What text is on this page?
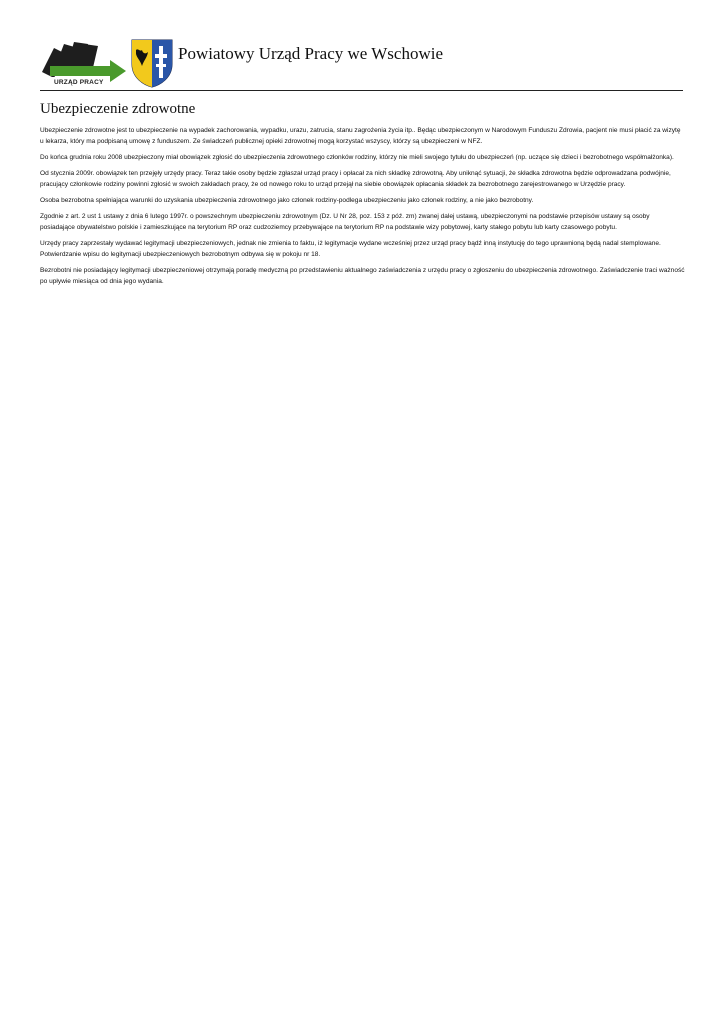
URZĄD PRACY
Powiatowy Urząd Pracy we Wschowie
Ubezpieczenie zdrowotne

Ubezpieczenie zdrowotne jest to ubezpieczenie na wypadek zachorowania, wypadku, urazu, zatrucia, stanu zagrożenia życia itp.. Będąc ubezpieczonym w Narodowym Funduszu Zdrowia, pacjent nie musi płacić za wizytę u lekarza, który ma podpisaną umowę z funduszem. Ze świadczeń publicznej opieki zdrowotnej mogą korzystać wszyscy, którzy są ubezpieczeni w NFZ.

Do końca grudnia roku 2008 ubezpieczony miał obowiązek zgłosić do ubezpieczenia zdrowotnego członków rodziny, którzy nie mieli swojego tytułu do ubezpieczeń (np. uczące się dzieci i bezrobotnego współmałżonka).

Od stycznia 2009r. obowiązek ten przejęły urzędy pracy. Teraz takie osoby będzie zgłaszał urząd pracy i opłacał za nich składkę zdrowotną. Aby uniknąć sytuacji, że składka zdrowotna będzie odprowadzana podwójnie, pracujący członkowie rodziny powinni zgłosić w swoich zakładach pracy, że od nowego roku to urząd przejął na siebie obowiązek opłacania składek za bezrobotnego zarejestrowanego w Urzędzie pracy.

Osoba bezrobotna spełniająca warunki do uzyskania ubezpieczenia zdrowotnego jako członek rodziny-podlega ubezpieczeniu jako członek rodziny, a nie jako bezrobotny.

Zgodnie z art. 2 ust 1 ustawy z dnia 6 lutego 1997r. o powszechnym ubezpieczeniu zdrowotnym (Dz. U Nr 28, poz. 153 z póź. zm) zwanej dalej ustawą, ubezpieczonymi na podstawie przepisów ustawy są osoby posiadające obywatelstwo polskie i zamieszkujące na terytorium RP oraz cudzoziemcy przebywające na terytorium RP na podstawie wizy pobytowej, karty stałego pobytu lub karty czasowego pobytu.

Urzędy pracy zaprzestały wydawać legitymacji ubezpieczeniowych, jednak nie zmienia to faktu, iż legitymacje wydane wcześniej przez urząd pracy bądź inną instytucję do tego uprawnioną będą nadal stemplowane. Potwierdzanie wpisu do legitymacji ubezpieczeniowych bezrobotnym odbywa się w pokoju nr 18.

Bezrobotni nie posiadający legitymacji ubezpieczeniowej otrzymają poradę medyczną po przedstawieniu aktualnego zaświadczenia z urzędu pracy o zgłoszeniu do ubezpieczenia zdrowotnego. Zaświadczenie traci ważność po upływie miesiąca od dnia jego wydania.
